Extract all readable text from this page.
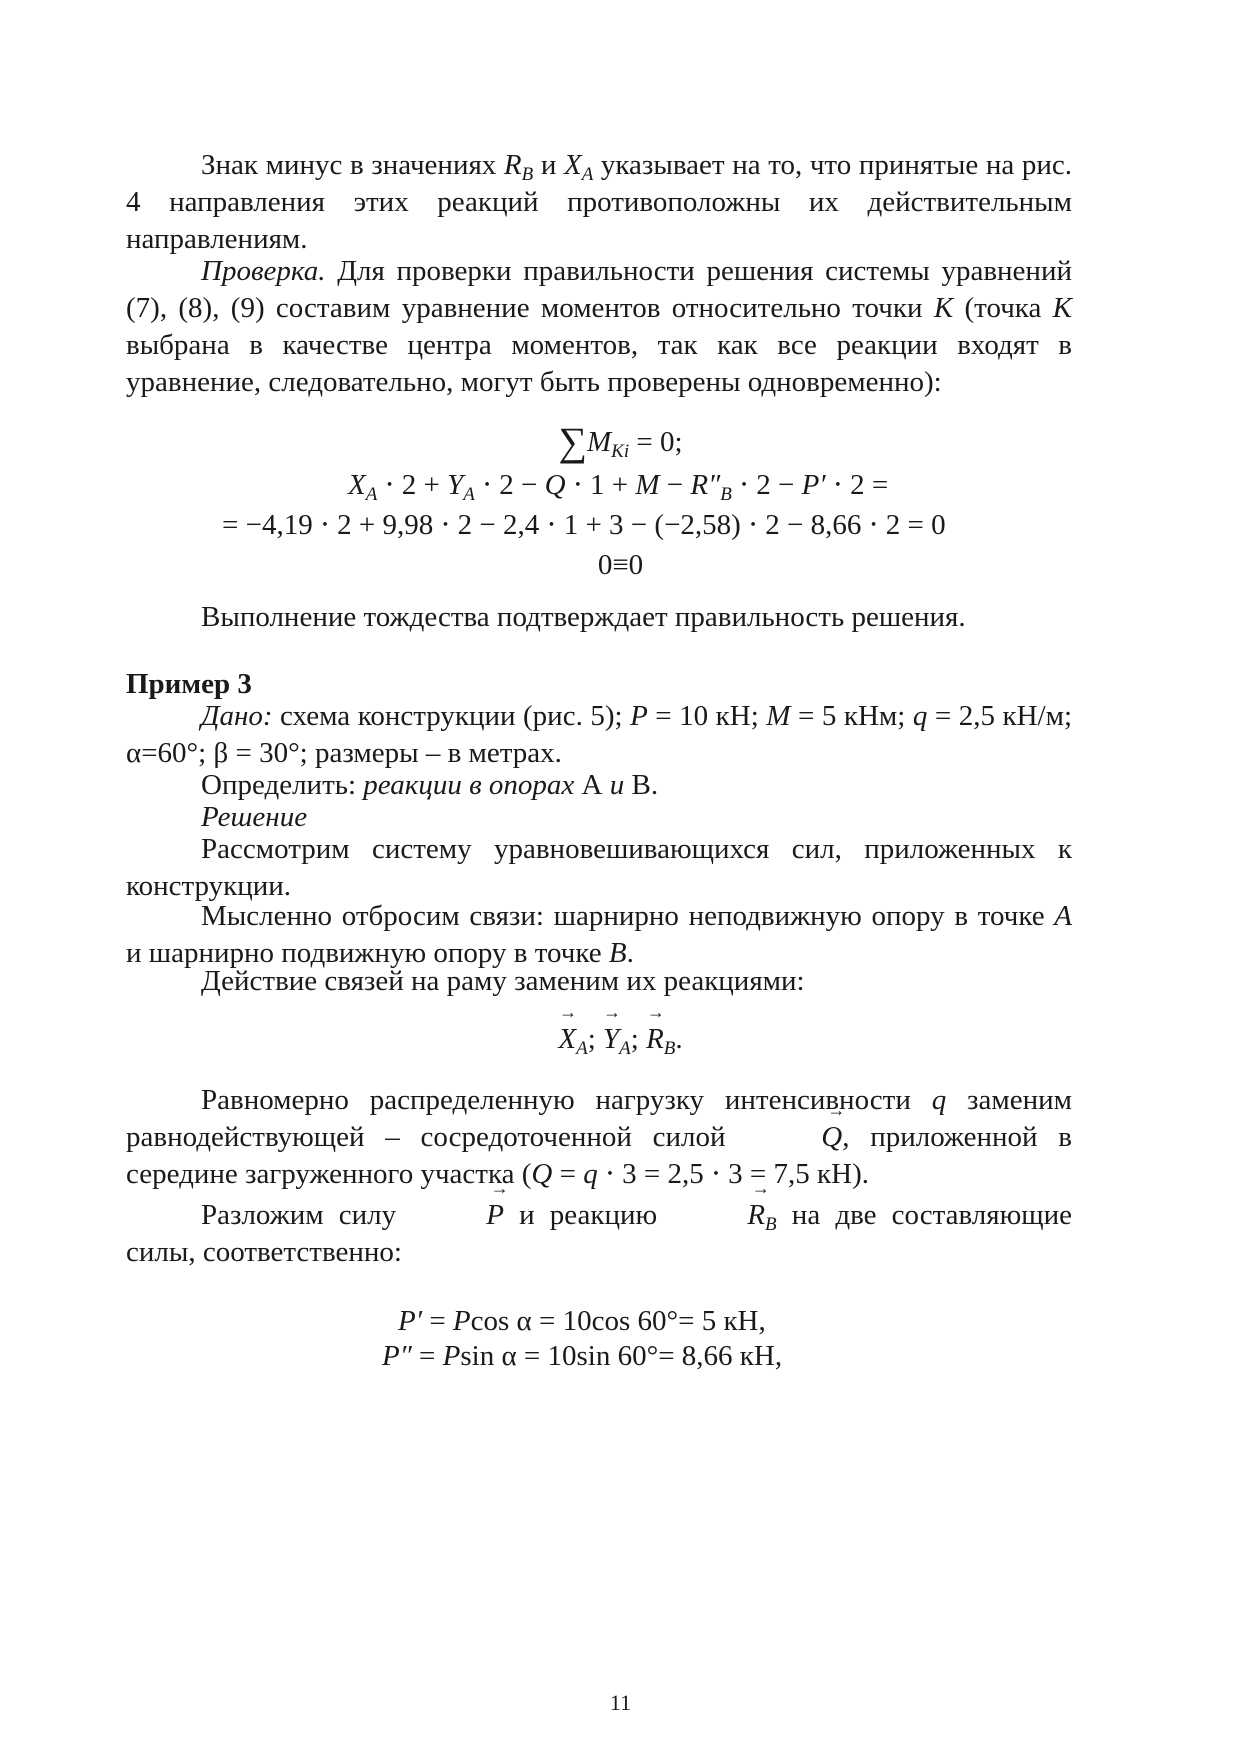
Знак минус в значениях $R_B$ и $X_A$ указывает на то, что принятые на рис. 4 направления этих реакций противоположны их действительным направлениям.

Проверка. Для проверки правильности решения системы уравнений (7), (8), (9) составим уравнение моментов относительно точки K (точка K выбрана в качестве центра моментов, так как все реакции входят в уравнение, следовательно, могут быть проверены одновременно):

$\sum M_{Ki} = 0$;

$X_A \cdot 2 + Y_A \cdot 2 - Q \cdot 1 + M - R''_B \cdot 2 - P' \cdot 2$ =

= −4,19 ⋅ 2 + 9,98 ⋅ 2 − 2,4 ⋅ 1 + 3 − (−2,58) ⋅ 2 − 8,66 ⋅ 2 = 0

0≡0

Выполнение тождества подтверждает правильность решения.

Пример 3

Дано: схема конструкции (рис. 5); P = 10 кН; M = 5 кНм; q = 2,5 кН/м; α=60°; β = 30°; размеры – в метрах.

Определить: реакции в опорах А и В.

Решение

Рассмотрим систему уравновешивающихся сил, приложенных к конструкции.

Мысленно отбросим связи: шарнирно неподвижную опору в точке A и шарнирно подвижную опору в точке B.

Действие связей на раму заменим их реакциями:

→ $X_A$; → $Y_A$; → $R_B$.

Равномерно распределенную нагрузку интенсивности q заменим равнодействующей – сосредоточенной силой	→ Q, приложенной в середине загруженного участка (Q = q ⋅ 3 = 2,5 ⋅ 3 = 7,5 кН).

Разложим силу	→ P и реакцию	→ $R_B$ на две составляющие силы, соответственно:

P′ = Pcos α = 10cos 60°= 5 кН,

P″ = Psin α = 10sin 60°= 8,66 кН,

11
